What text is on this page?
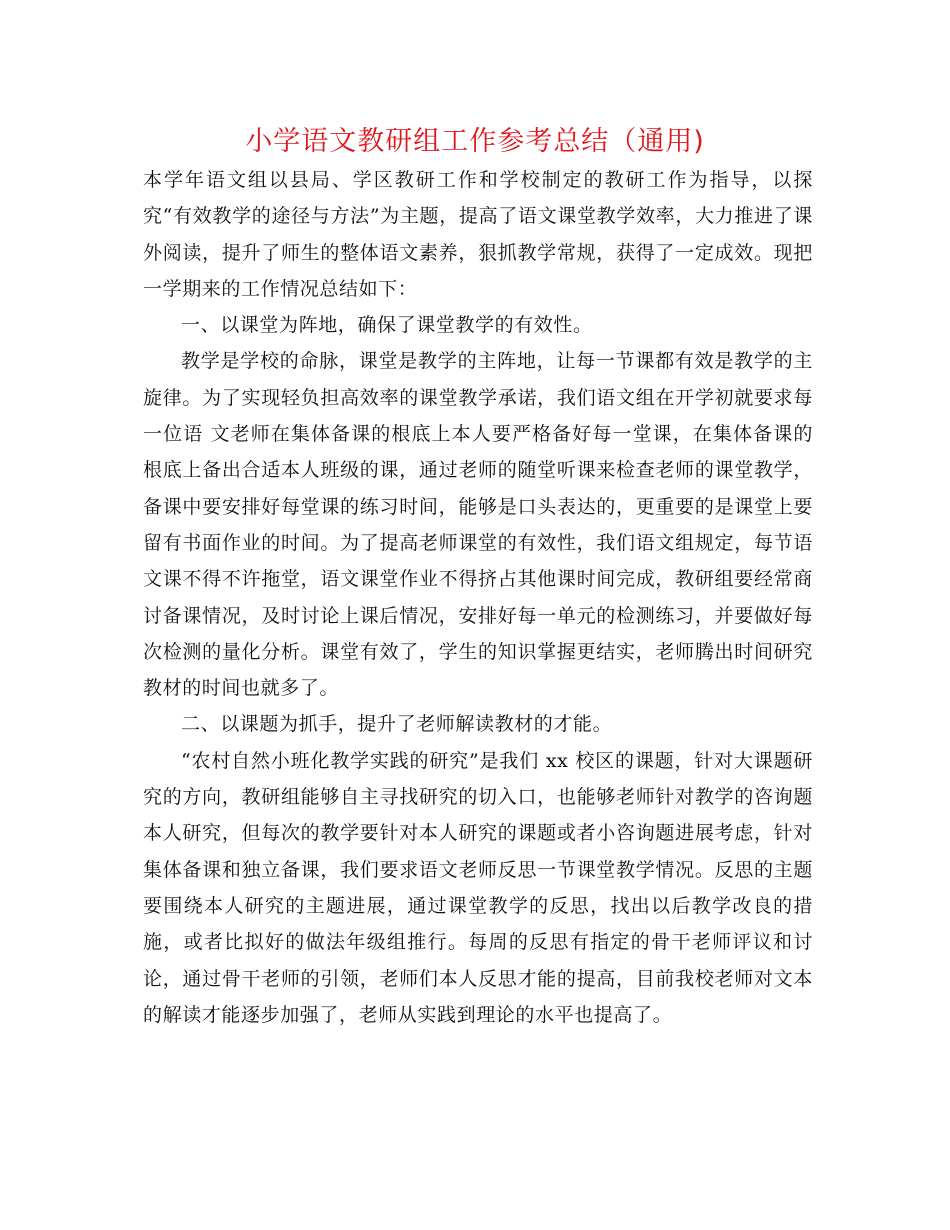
小学语文教研组工作参考总结（通用)

本学年语文组以县局、学区教研工作和学校制定的教研工作为指导，以探究“有效教学的途径与方法”为主题，提高了语文课堂教学效率，大力推进了课外阅读，提升了师生的整体语文素养，狠抓教学常规，获得了一定成效。现把一学期来的工作情况总结如下：

一、以课堂为阵地，确保了课堂教学的有效性。

教学是学校的命脉，课堂是教学的主阵地，让每一节课都有效是教学的主旋律。为了实现轻负担高效率的课堂教学承诺，我们语文组在开学初就要求每一位语 文老师在集体备课的根底上本人要严格备好每一堂课，在集体备课的根底上备出合适本人班级的课，通过老师的随堂听课来检查老师的课堂教学，备课中要安排好每堂课的练习时间，能够是口头表达的，更重要的是课堂上要留有书面作业的时间。为了提高老师课堂的有效性，我们语文组规定，每节语文课不得不许拖堂，语文课堂作业不得挤占其他课时间完成，教研组要经常商讨备课情况，及时讨论上课后情况，安排好每一单元的检测练习，并要做好每次检测的量化分析。课堂有效了，学生的知识掌握更结实，老师腾出时间研究教材的时间也就多了。

二、以课题为抓手，提升了老师解读教材的才能。

“农村自然小班化教学实践的研究”是我们 xx 校区的课题，针对大课题研究的方向，教研组能够自主寻找研究的切入口，也能够老师针对教学的咨询题本人研究，但每次的教学要针对本人研究的课题或者小咨询题进展考虑，针对集体备课和独立备课，我们要求语文老师反思一节课堂教学情况。反思的主题要围绕本人研究的主题进展，通过课堂教学的反思，找出以后教学改良的措施，或者比拟好的做法年级组推行。每周的反思有指定的骨干老师评议和讨论，通过骨干老师的引领，老师们本人反思才能的提高，目前我校老师对文本的解读才能逐步加强了，老师从实践到理论的水平也提高了。
